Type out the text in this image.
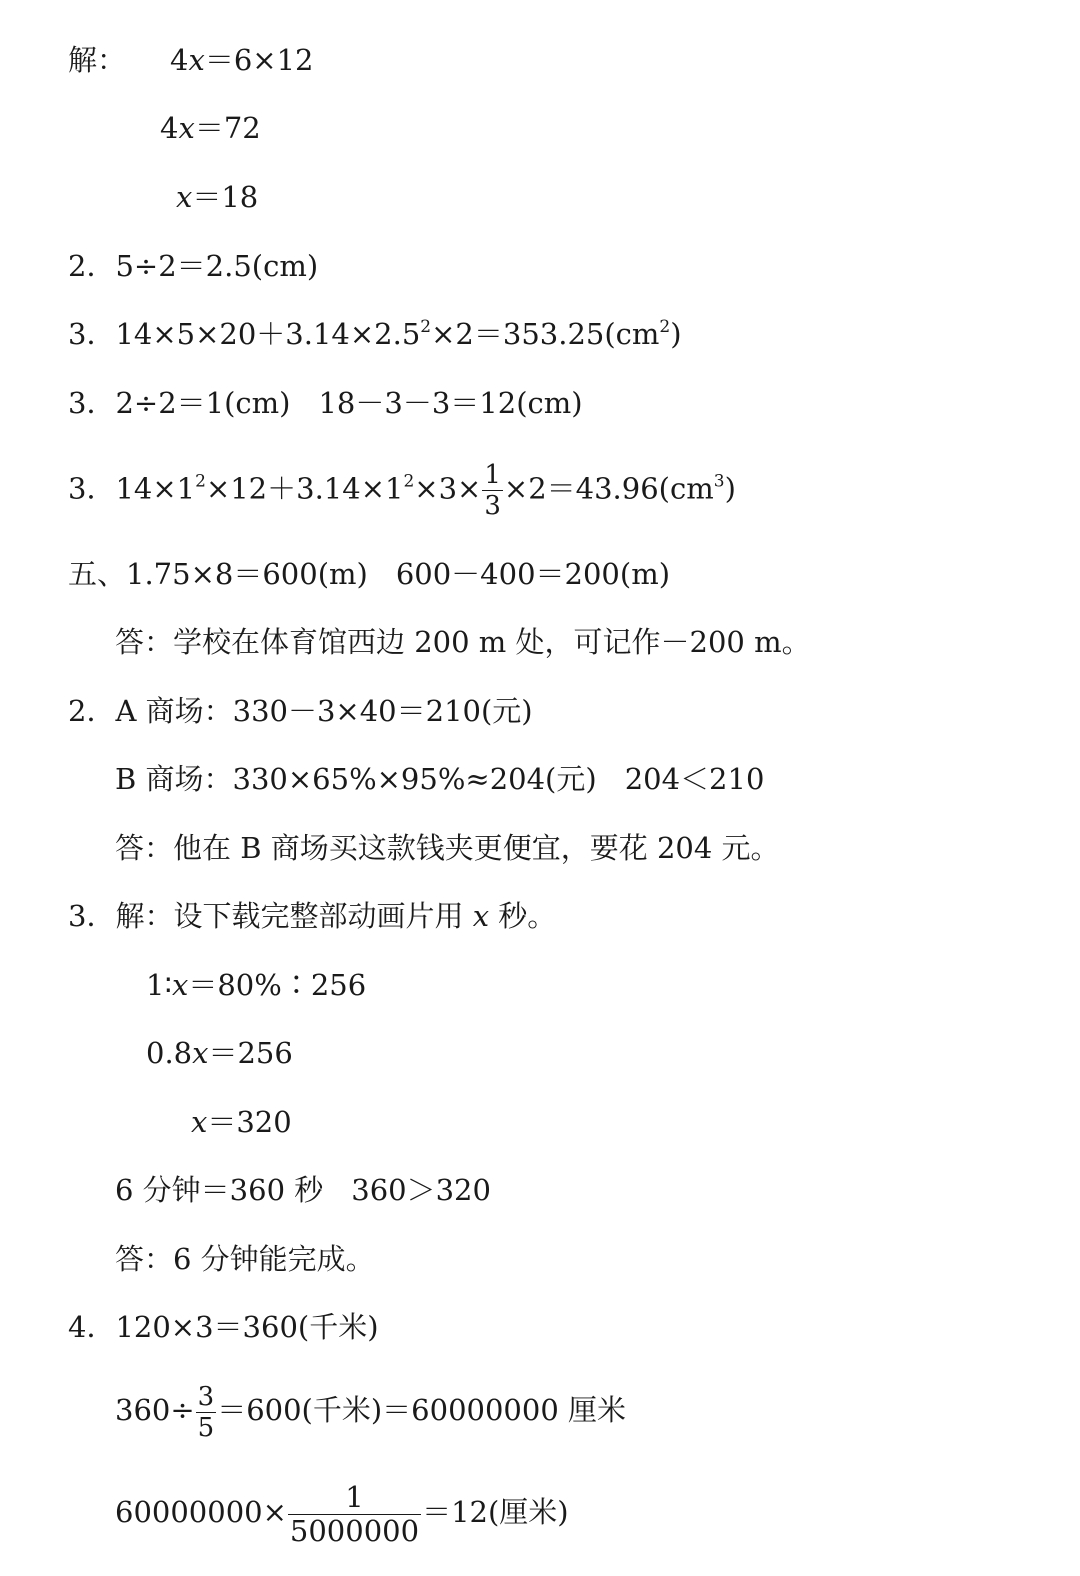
解： 4x＝6×12
4x＝72
x＝18
2．5÷2＝2.5(cm)
3．$14\times 5\times 20+3.14\times 2.5^2\times 2=353.25(cm^2)$
3．2÷2＝1(cm) 18－3－3＝12(cm)
3．$14\times 1^2\times 12+3.14\times 1^2\times 3\times \frac{1}{3} \times 2=43.96(cm^3)$
五、1.75×8＝600(m) 600－400＝200(m)
答：学校在体育馆西边 200 m 处，可记作－200 m。
2．A 商场：330－3×40＝210(元)
B 商场：330×65%×95%≈204(元) 204＜210
答：他在 B 商场买这款钱夹更便宜，要花 204 元。
3．解：设下载完整部动画片用 x 秒。
1∶x＝80%∶256
0.8x＝256
x＝320
6 分钟＝360 秒 360＞320
答：6 分钟能完成。
4．120×3＝360(千米)
$360\div \frac{3}{5} =600$(千米)＝60000000 厘米
$60000000\times \frac{1}{5000000} =12$(厘米)
